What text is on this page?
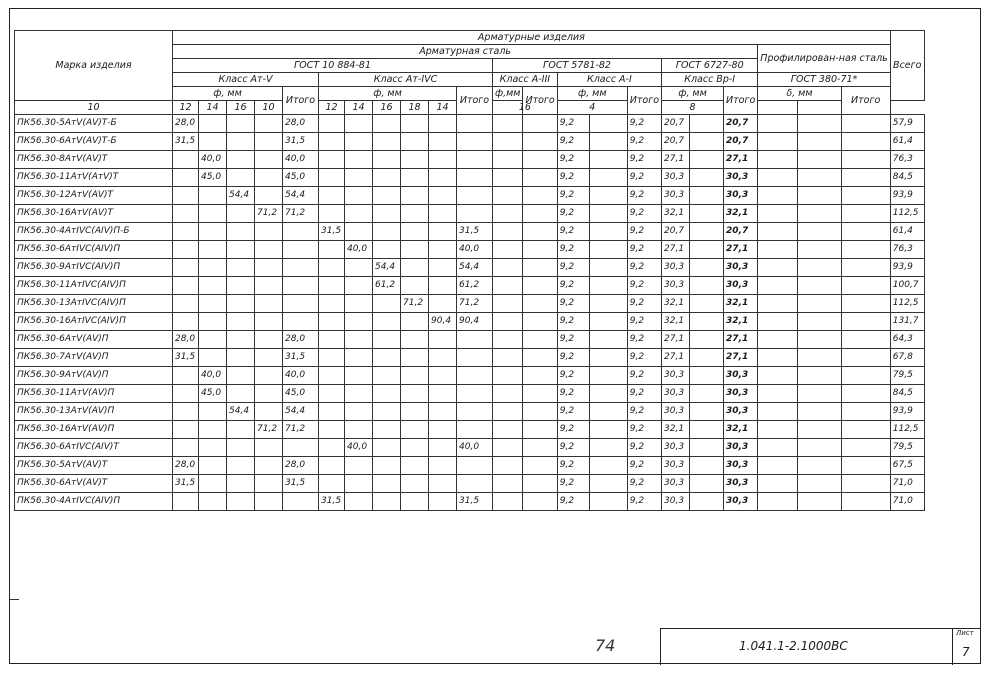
Марка изделия	Арматурные изделия																						Всего
	Арматурная сталь																			Профилирован-ная сталь			
	ГОСТ 10 884-81											ГОСТ 5781-82					ГОСТ 6727-80						
	Класс Ат-V					Класс Ат-IVC						Класс А-III		Класс А-I			Класс Вр-I			ГОСТ 380-71*			
	ф, мм				Итого	ф, мм					Итого	ф,мм	Итого	ф, мм		Итого	ф, мм		Итого	δ, мм		Итого	
10	12	14	16	10		12	14	16	18	14		16		4			8						
ПК56.30-5АтV(АV)Т-Б	28,0				28,0									9,2		9,2	20,7		20,7				57,9
ПК56.30-6АтV(АV)Т-Б	31,5				31,5									9,2		9,2	20,7		20,7				61,4
ПК56.30-8АтV(АV)Т		40,0			40,0									9,2		9,2	27,1		27,1				76,3
ПК56.30-11АтV(АтV)Т		45,0			45,0									9,2		9,2	30,3		30,3				84,5
ПК56.30-12АтV(АV)Т			54,4		54,4									9,2		9,2	30,3		30,3				93,9
ПК56.30-16АтV(АV)Т				71,2	71,2									9,2		9,2	32,1		32,1				112,5
ПК56.30-4АтIVС(АIV)П-Б						31,5					31,5			9,2		9,2	20,7		20,7				61,4
ПК56.30-6АтIVС(АIV)П							40,0				40,0			9,2		9,2	27,1		27,1				76,3
ПК56.30-9АтIVС(АIV)П								54,4			54,4			9,2		9,2	30,3		30,3				93,9
ПК56.30-11АтIVС(АIV)П								61,2			61,2			9,2		9,2	30,3		30,3				100,7
ПК56.30-13АтIVС(АIV)П									71,2		71,2			9,2		9,2	32,1		32,1				112,5
ПК56.30-16АтIVС(АIV)П										90,4	90,4			9,2		9,2	32,1		32,1				131,7
ПК56.30-6АтV(АV)П	28,0				28,0									9,2		9,2	27,1		27,1				64,3
ПК56.30-7АтV(АV)П	31,5				31,5									9,2		9,2	27,1		27,1				67,8
ПК56.30-9АтV(АV)П		40,0			40,0									9,2		9,2	30,3		30,3				79,5
ПК56.30-11АтV(АV)П		45,0			45,0									9,2		9,2	30,3		30,3				84,5
ПК56.30-13АтV(АV)П			54,4		54,4									9,2		9,2	30,3		30,3				93,9
ПК56.30-16АтV(АV)П				71,2	71,2									9,2		9,2	32,1		32,1				112,5
ПК56.30-6АтIVС(АIV)Т							40,0				40,0			9,2		9,2	30,3		30,3				79,5
ПК56.30-5АтV(АV)Т	28,0				28,0									9,2		9,2	30,3		30,3				67,5
ПК56.30-6АтV(АV)Т	31,5				31,5									9,2		9,2	30,3		30,3				71,0
ПК56.30-4АтIVС(АIV)П						31,5					31,5			9,2		9,2	30,3		30,3				71,0
74	1.041.1-2.1000ВС
Лист
7
